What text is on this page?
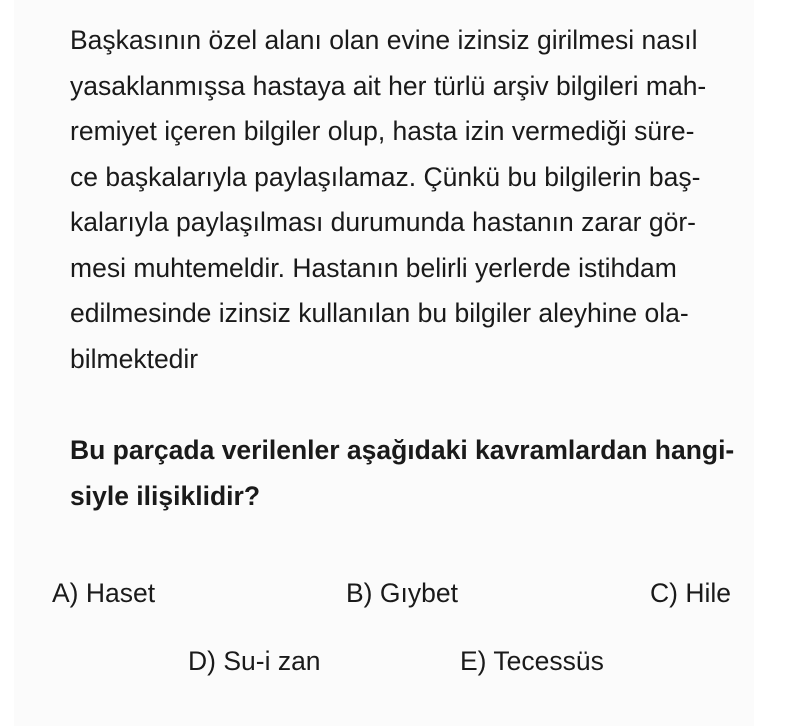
Başkasının özel alanı olan evine izinsiz girilmesi nasıl
yasaklanmışsa hastaya ait her türlü arşiv bilgileri mah-
remiyet içeren bilgiler olup, hasta izin vermediği süre-
ce başkalarıyla paylaşılamaz. Çünkü bu bilgilerin baş-
kalarıyla paylaşılması durumunda hastanın zarar gör-
mesi muhtemeldir. Hastanın belirli yerlerde istihdam
edilmesinde izinsiz kullanılan bu bilgiler aleyhine ola-
bilmektedir
Bu parçada verilenler aşağıdaki kavramlardan hangi-
siyle ilişiklidir?
A) Haset	B) Gıybet	C) Hile
D) Su-i zan	E) Tecessüs
